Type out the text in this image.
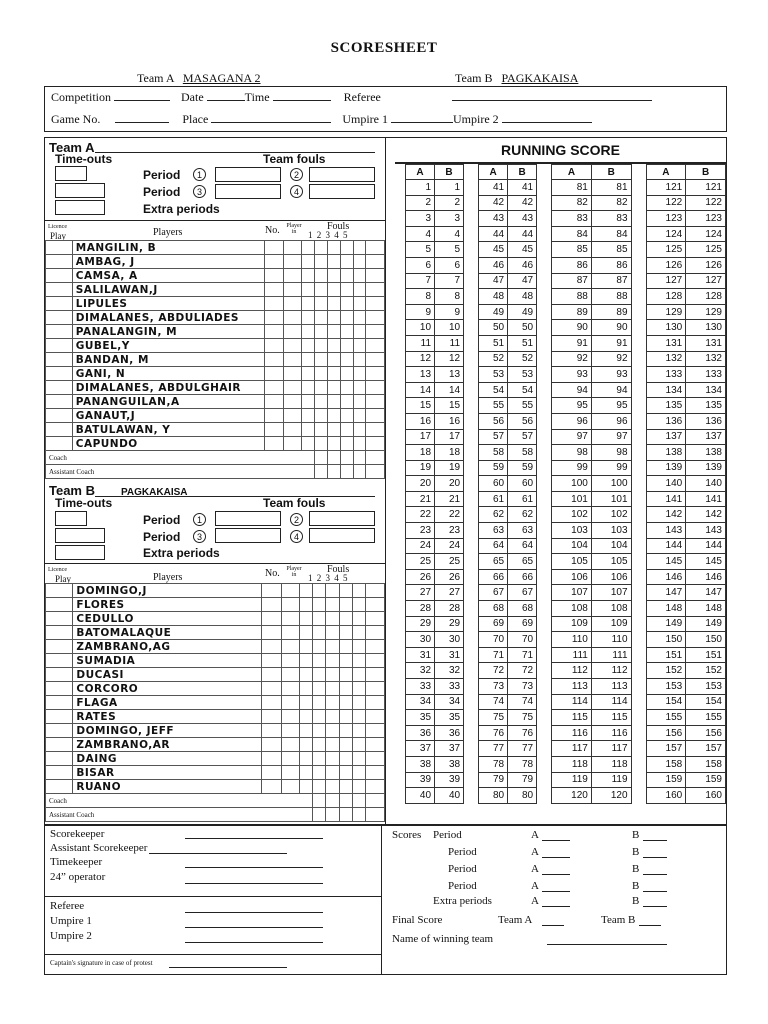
SCORESHEET
Team A MASAGANA 2	Team B PAGKAKAISA
Competition	Date	Time	Referee
Game No.	Place	Umpire 1	Umpire 2
Team A
Time-outs	Team fouls
Period	1	2
Period	3	4
Extra periods
Licence
Play	Players	No. Player in	Fouls
1 2 3 4 5
	MANGILIN, B								
	AMBAG, J								
	CAMSA, A								
	SALILAWAN,J								
	LIPULES								
	DIMALANES, ABDULIADES								
	PANALANGIN, M								
	GUBEL,Y								
	BANDAN, M								
	GANI, N								
	DIMALANES, ABDULGHAIR								
	PANANGUILAN,A								
	GANAUT,J								
	BATULAWAN, Y								
	CAPUNDO								
Coach									
Assistant Coach									
Team B	PAGKAKAISA
Time-outs	Team fouls
Period	1	2
Period	3	4
Extra periods
Licence
Play	Players	No. Player in	Fouls
1 2 3 4 5
	DOMINGO,J								
	FLORES								
	CEDULLO								
	BATOMALAQUE								
	ZAMBRANO,AG								
	SUMADIA								
	DUCASI								
	CORCORO								
	FLAGA								
	RATES								
	DOMINGO, JEFF								
	ZAMBRANO,AR								
	DAING								
	BISAR								
	RUANO								
Coach									
Assistant Coach									
RUNNING SCORE
	A	B			A	B			A	B			A	B
	1	1			41	41			81	81			121	121
	2	2			42	42			82	82			122	122
	3	3			43	43			83	83			123	123
	4	4			44	44			84	84			124	124
	5	5			45	45			85	85			125	125
	6	6			46	46			86	86			126	126
	7	7			47	47			87	87			127	127
	8	8			48	48			88	88			128	128
	9	9			49	49			89	89			129	129
	10	10			50	50			90	90			130	130
	11	11			51	51			91	91			131	131
	12	12			52	52			92	92			132	132
	13	13			53	53			93	93			133	133
	14	14			54	54			94	94			134	134
	15	15			55	55			95	95			135	135
	16	16			56	56			96	96			136	136
	17	17			57	57			97	97			137	137
	18	18			58	58			98	98			138	138
	19	19			59	59			99	99			139	139
	20	20			60	60			100	100			140	140
	21	21			61	61			101	101			141	141
	22	22			62	62			102	102			142	142
	23	23			63	63			103	103			143	143
	24	24			64	64			104	104			144	144
	25	25			65	65			105	105			145	145
	26	26			66	66			106	106			146	146
	27	27			67	67			107	107			147	147
	28	28			68	68			108	108			148	148
	29	29			69	69			109	109			149	149
	30	30			70	70			110	110			150	150
	31	31			71	71			111	111			151	151
	32	32			72	72			112	112			152	152
	33	33			73	73			113	113			153	153
	34	34			74	74			114	114			154	154
	35	35			75	75			115	115			155	155
	36	36			76	76			116	116			156	156
	37	37			77	77			117	117			157	157
	38	38			78	78			118	118			158	158
	39	39			79	79			119	119			159	159
	40	40			80	80			120	120			160	160
Scorekeeper
Assistant Scorekeeper
Timekeeper
24” operator
Referee
Umpire 1
Umpire 2
Captain's signature in case of protest
Scores Period	A	B
Period	A	B
Period	A	B
Period	A	B
Extra periods	A	B
Final Score	Team A	Team B
Name of winning team
